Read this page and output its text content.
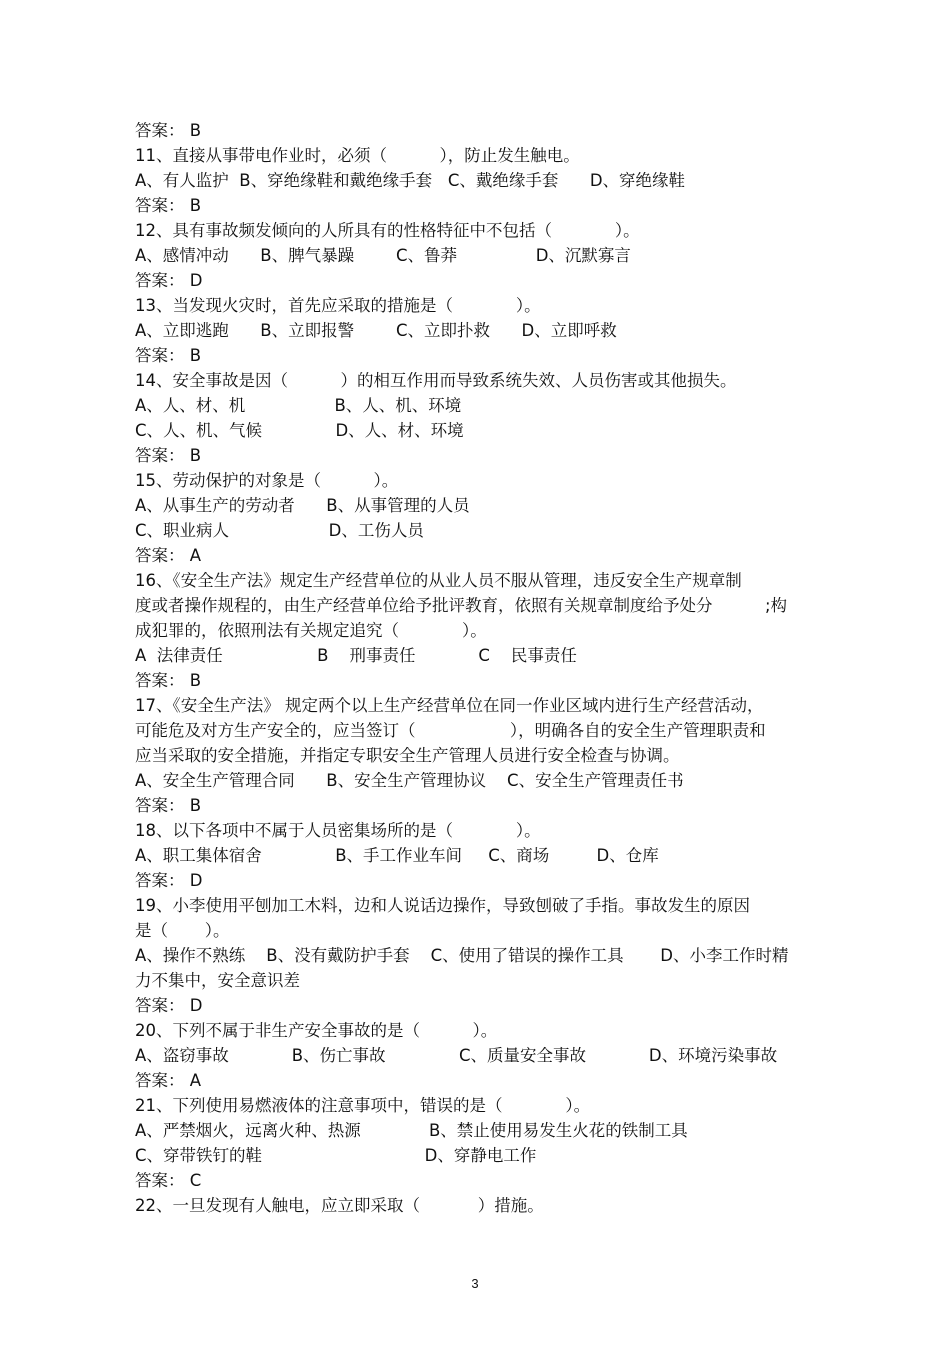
答案： B
11、直接从事带电作业时，必须（          ），防止发生触电。
A、有人监护  B、穿绝缘鞋和戴绝缘手套   C、戴绝缘手套      D、穿绝缘鞋
答案： B
12、具有事故频发倾向的人所具有的性格特征中不包括（            ）。
A、感情冲动      B、脾气暴躁        C、鲁莽               D、沉默寡言
答案： D
13、当发现火灾时，首先应采取的措施是（            ）。
A、立即逃跑      B、立即报警        C、立即扑救      D、立即呼救
答案： B
14、安全事故是因（          ）的相互作用而导致系统失效、人员伤害或其他损失。
A、人、材、机                 B、人、机、环境
C、人、机、气候              D、人、材、环境
答案： B
15、劳动保护的对象是（          ）。
A、从事生产的劳动者      B、从事管理的人员
C、职业病人                   D、工伤人员
答案： A
16、《安全生产法》规定生产经营单位的从业人员不服从管理，违反安全生产规章制
度或者操作规程的，由生产经营单位给予批评教育，依照有关规章制度给予处分          ;构
成犯罪的，依照刑法有关规定追究（            ）。
A  法律责任                  B    刑事责任            C    民事责任
答案： B
17、《安全生产法》 规定两个以上生产经营单位在同一作业区域内进行生产经营活动，
可能危及对方生产安全的，应当签订（                  ），明确各自的安全生产管理职责和
应当采取的安全措施，并指定专职安全生产管理人员进行安全检查与协调。
A、安全生产管理合同      B、安全生产管理协议    C、安全生产管理责任书
答案： B
18、以下各项中不属于人员密集场所的是（            ）。
A、职工集体宿舍              B、手工作业车间     C、商场         D、仓库
答案： D
19、小李使用平刨加工木料，边和人说话边操作，导致刨破了手指。事故发生的原因
是（       ）。
A、操作不熟练    B、没有戴防护手套    C、使用了错误的操作工具       D、小李工作时精
力不集中，安全意识差
答案： D
20、下列不属于非生产安全事故的是（          ）。
A、盗窃事故            B、伤亡事故              C、质量安全事故            D、环境污染事故
答案： A
21、下列使用易燃液体的注意事项中，错误的是（            ）。
A、严禁烟火，远离火种、热源             B、禁止使用易发生火花的铁制工具
C、穿带铁钉的鞋                               D、穿静电工作
答案： C
22、一旦发现有人触电，应立即采取（           ）措施。
3
